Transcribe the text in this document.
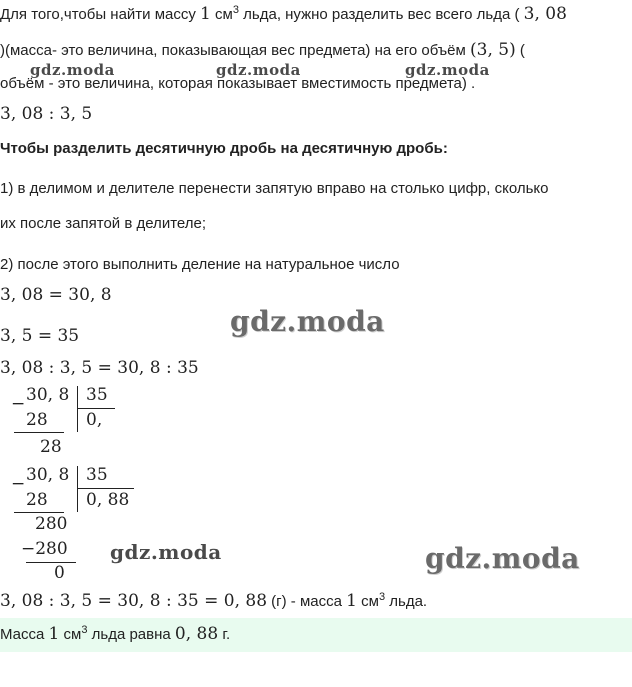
Для того,чтобы найти массу 1 $см^3$ льда, нужно разделить вес всего льда ( 3, 08
)(масса- это величина, показывающая вес предмета) на его объём (3, 5) (
объём - это величина, которая показывает вместимость предмета) .
gdz.moda	gdz.moda	gdz.moda
3, 08 : 3, 5
Чтобы разделить десятичную дробь на десятичную дробь:
1) в делимом и делителе перенести запятую вправо на столько цифр, сколько
их после запятой в делителе;
2) после этого выполнить деление на натуральное число
3, 08 = 30, 8
3, 5 = 35	gdz.moda
3, 08 : 3, 5 = 30, 8 : 35
− 30, 8 35
28 0,
28
− 30, 8 35
28 0, 88
280
−280
0
gdz.moda	gdz.moda
3, 08 : 3, 5 = 30, 8 : 35 = 0, 88 (г) - масса 1 $см^3$ льда.
Масса 1 $см^3$ льда равна 0, 88 г.
